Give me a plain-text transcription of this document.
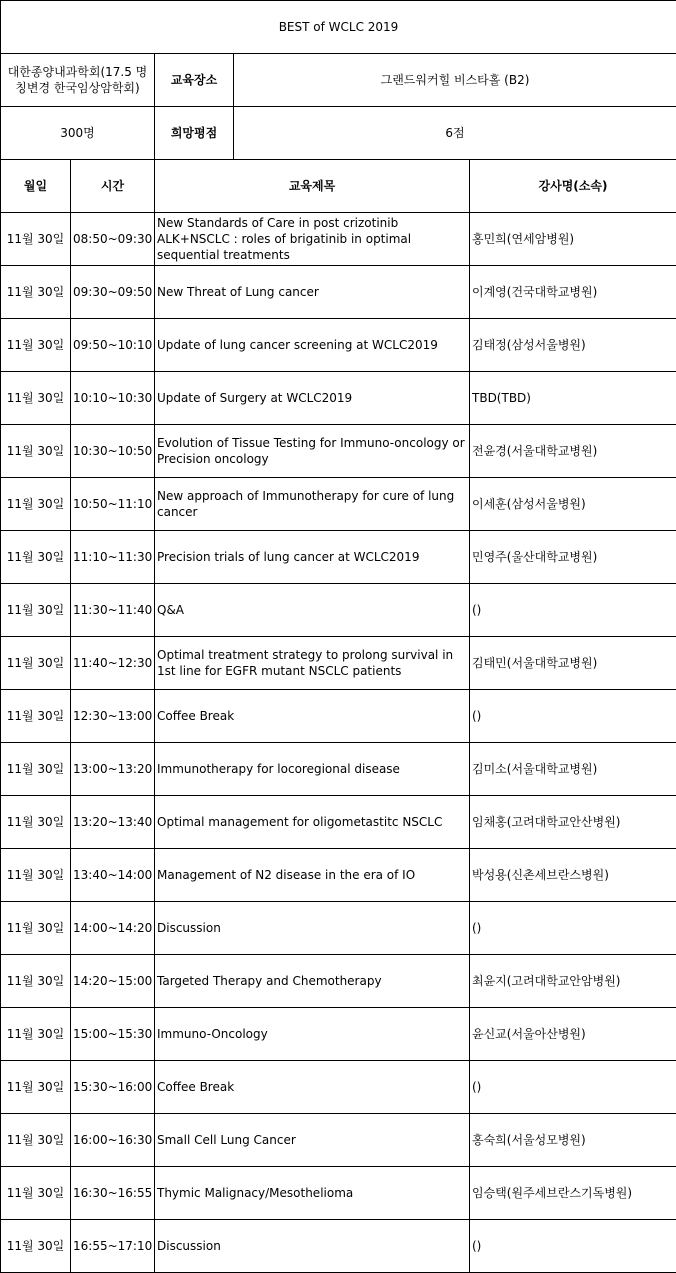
BEST of WCLC 2019				
대한종양내과학회(17.5 명칭변경 한국임상암학회)		교육장소	그랜드워커힐 비스타홀 (B2)	
300명		희망평점	6점	
월일	시간	교육제목		강사명(소속)
11월 30일	08:50~09:30	New Standards of Care in post crizotinib ALK+NSCLC : roles of brigatinib in optimal sequential treatments		홍민희(연세암병원)
11월 30일	09:30~09:50	New Threat of Lung cancer		이계영(건국대학교병원)
11월 30일	09:50~10:10	Update of lung cancer screening at WCLC2019		김태정(삼성서울병원)
11월 30일	10:10~10:30	Update of Surgery at WCLC2019		TBD(TBD)
11월 30일	10:30~10:50	Evolution of Tissue Testing for Immuno-oncology or Precision oncology		전윤경(서울대학교병원)
11월 30일	10:50~11:10	New approach of Immunotherapy for cure of lung cancer		이세훈(삼성서울병원)
11월 30일	11:10~11:30	Precision trials of lung cancer at WCLC2019		민영주(울산대학교병원)
11월 30일	11:30~11:40	Q&A		()
11월 30일	11:40~12:30	Optimal treatment strategy to prolong survival in 1st line for EGFR mutant NSCLC patients		김태민(서울대학교병원)
11월 30일	12:30~13:00	Coffee Break		()
11월 30일	13:00~13:20	Immunotherapy for locoregional disease		김미소(서울대학교병원)
11월 30일	13:20~13:40	Optimal management for oligometastitc NSCLC		임채홍(고려대학교안산병원)
11월 30일	13:40~14:00	Management of N2 disease in the era of IO		박성용(신촌세브란스병원)
11월 30일	14:00~14:20	Discussion		()
11월 30일	14:20~15:00	Targeted Therapy and Chemotherapy		최윤지(고려대학교안암병원)
11월 30일	15:00~15:30	Immuno-Oncology		윤신교(서울아산병원)
11월 30일	15:30~16:00	Coffee Break		()
11월 30일	16:00~16:30	Small Cell Lung Cancer		홍숙희(서울성모병원)
11월 30일	16:30~16:55	Thymic Malignacy/Mesothelioma		임승택(원주세브란스기독병원)
11월 30일	16:55~17:10	Discussion		()
